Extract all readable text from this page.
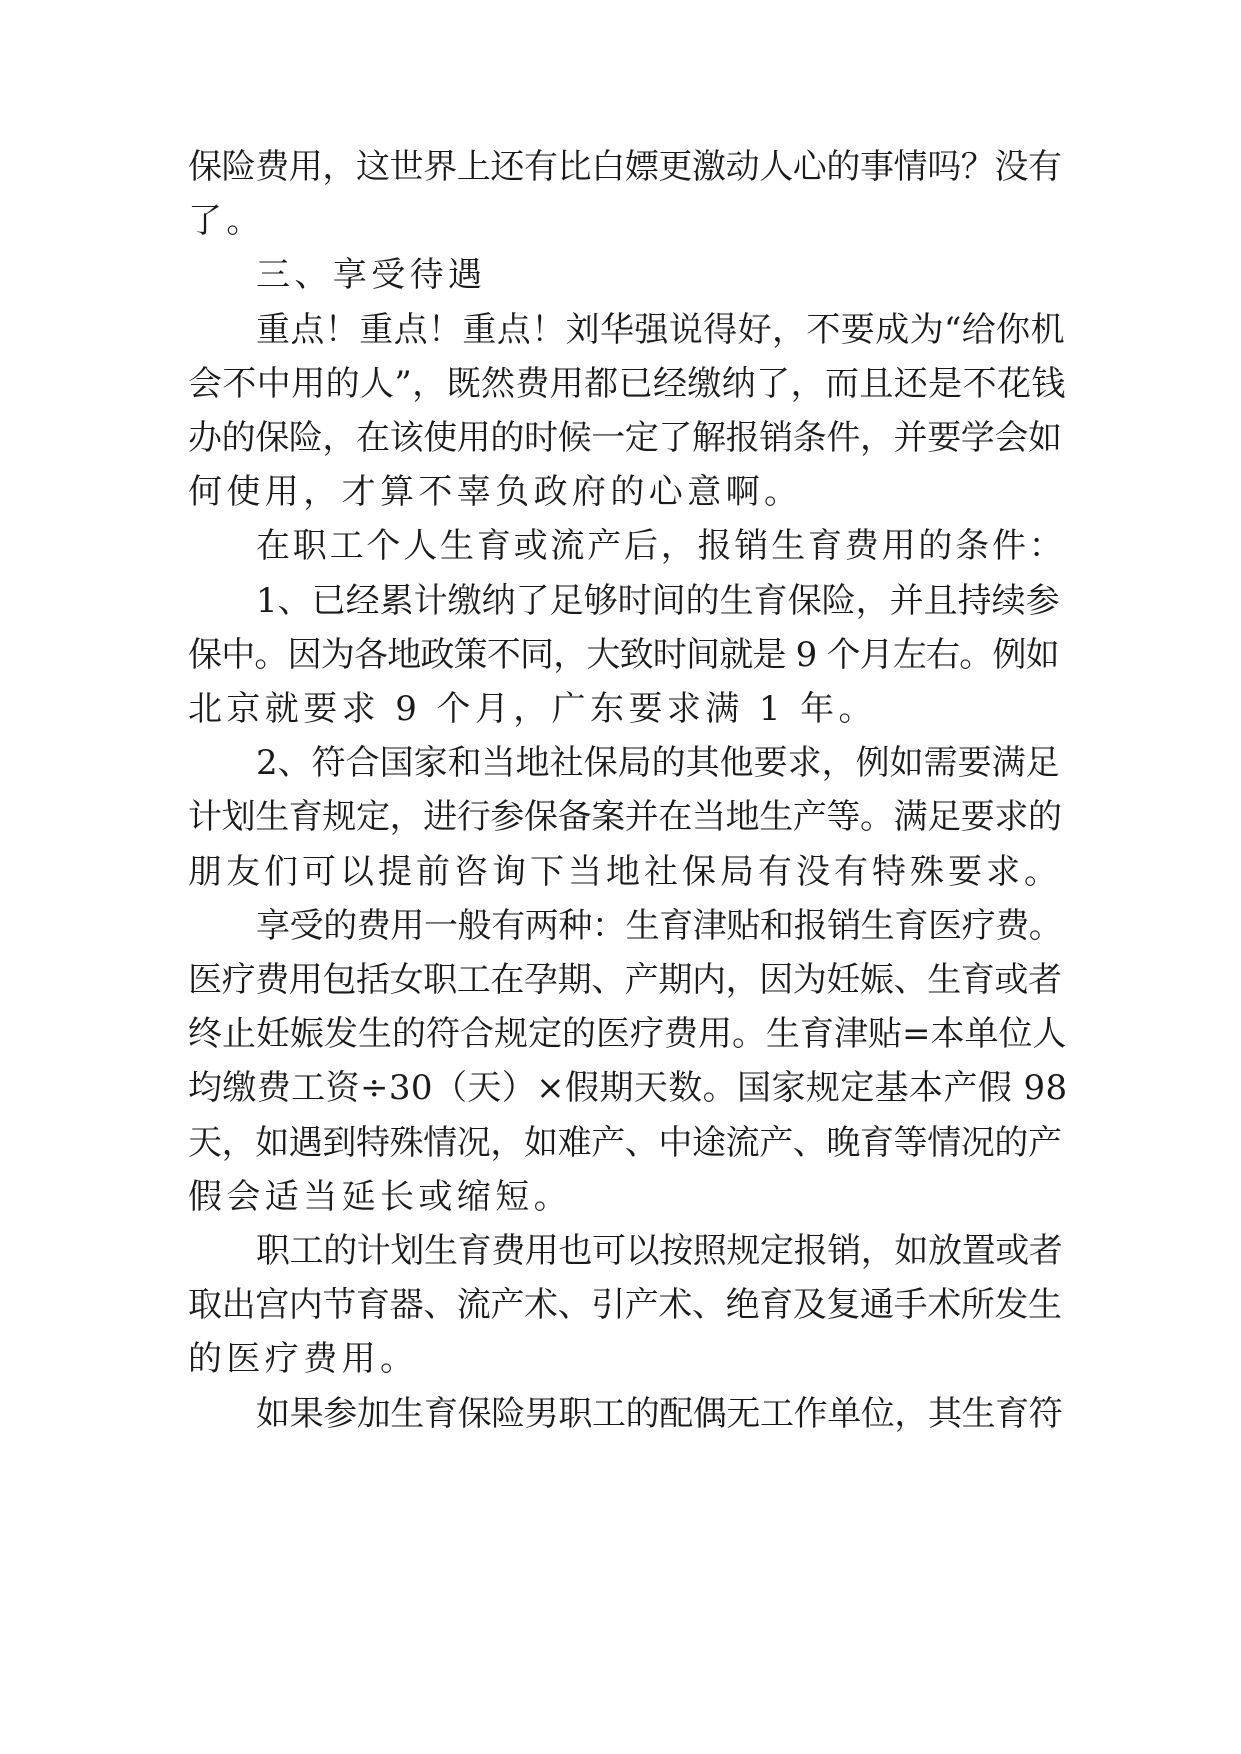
保险费用，这世界上还有比白嫖更激动人心的事情吗？没有

了。

三、享受待遇

重点！重点！重点！刘华强说得好，不要成为“给你机

会不中用的人”，既然费用都已经缴纳了，而且还是不花钱

办的保险，在该使用的时候一定了解报销条件，并要学会如

何使用，才算不辜负政府的心意啊。

在职工个人生育或流产后，报销生育费用的条件：

1、已经累计缴纳了足够时间的生育保险，并且持续参

保中。因为各地政策不同，大致时间就是 9 个月左右。例如

北京就要求 9 个月，广东要求满 1 年。

2、符合国家和当地社保局的其他要求，例如需要满足

计划生育规定，进行参保备案并在当地生产等。满足要求的

朋友们可以提前咨询下当地社保局有没有特殊要求。

享受的费用一般有两种：生育津贴和报销生育医疗费。

医疗费用包括女职工在孕期、产期内，因为妊娠、生育或者

终止妊娠发生的符合规定的医疗费用。生育津贴=本单位人

均缴费工资÷30（天）×假期天数。国家规定基本产假 98

天，如遇到特殊情况，如难产、中途流产、晚育等情况的产

假会适当延长或缩短。

职工的计划生育费用也可以按照规定报销，如放置或者

取出宫内节育器、流产术、引产术、绝育及复通手术所发生

的医疗费用。

如果参加生育保险男职工的配偶无工作单位，其生育符
